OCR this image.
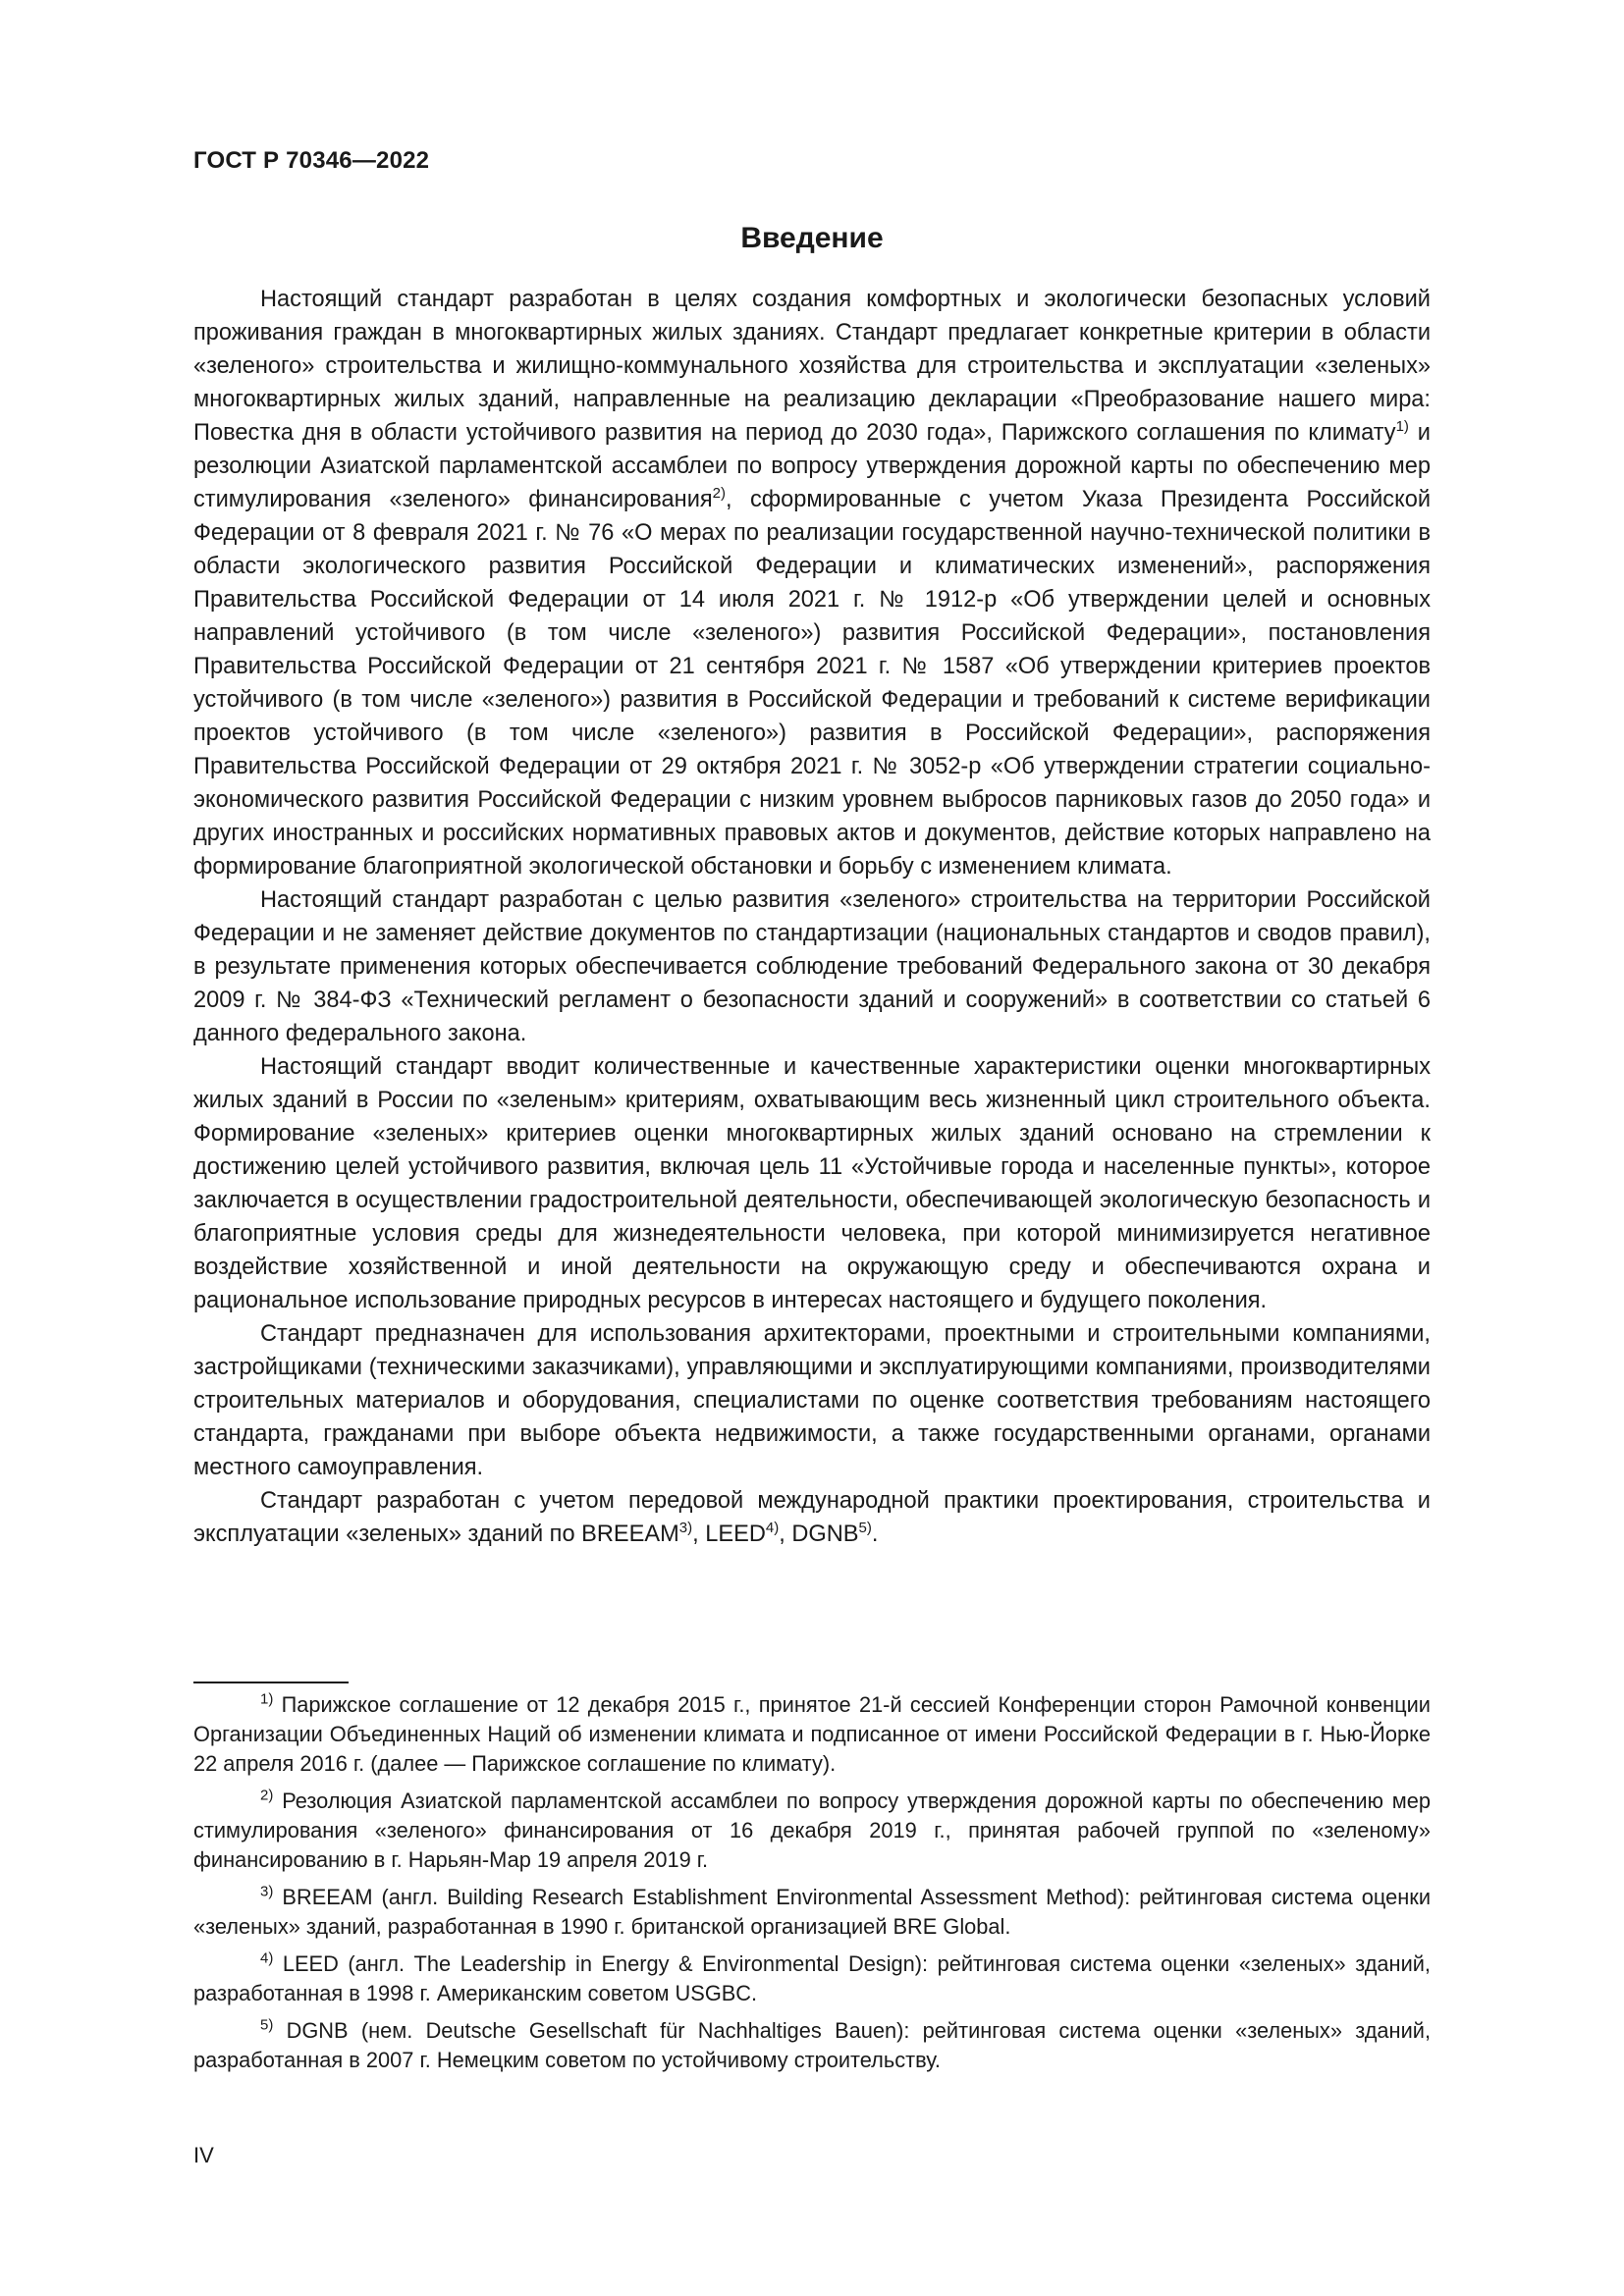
ГОСТ Р 70346—2022
Введение

Настоящий стандарт разработан в целях создания комфортных и экологически безопасных условий проживания граждан в многоквартирных жилых зданиях. Стандарт предлагает конкретные критерии в области «зеленого» строительства и жилищно-коммунального хозяйства для строительства и эксплуатации «зеленых» многоквартирных жилых зданий, направленные на реализацию декларации «Преобразование нашего мира: Повестка дня в области устойчивого развития на период до 2030 года», Парижского соглашения по климату$^{1)}$ и резолюции Азиатской парламентской ассамблеи по вопросу утверждения дорожной карты по обеспечению мер стимулирования «зеленого» финансирования$^{2)}$, сформированные с учетом Указа Президента Российской Федерации от 8 февраля 2021 г. № 76 «О мерах по реализации государственной научно-технической политики в области экологического развития Российской Федерации и климатических изменений», распоряжения Правительства Российской Федерации от 14 июля 2021 г. № 1912-р «Об утверждении целей и основных направлений устойчивого (в том числе «зеленого») развития Российской Федерации», постановления Правительства Российской Федерации от 21 сентября 2021 г. № 1587 «Об утверждении критериев проектов устойчивого (в том числе «зеленого») развития в Российской Федерации и требований к системе верификации проектов устойчивого (в том числе «зеленого») развития в Российской Федерации», распоряжения Правительства Российской Федерации от 29 октября 2021 г. № 3052-р «Об утверждении стратегии социально-экономического развития Российской Федерации с низким уровнем выбросов парниковых газов до 2050 года» и других иностранных и российских нормативных правовых актов и документов, действие которых направлено на формирование благоприятной экологической обстановки и борьбу с изменением климата.

Настоящий стандарт разработан с целью развития «зеленого» строительства на территории Российской Федерации и не заменяет действие документов по стандартизации (национальных стандартов и сводов правил), в результате применения которых обеспечивается соблюдение требований Федерального закона от 30 декабря 2009 г. № 384-ФЗ «Технический регламент о безопасности зданий и сооружений» в соответствии со статьей 6 данного федерального закона.

Настоящий стандарт вводит количественные и качественные характеристики оценки многоквартирных жилых зданий в России по «зеленым» критериям, охватывающим весь жизненный цикл строительного объекта. Формирование «зеленых» критериев оценки многоквартирных жилых зданий основано на стремлении к достижению целей устойчивого развития, включая цель 11 «Устойчивые города и населенные пункты», которое заключается в осуществлении градостроительной деятельности, обеспечивающей экологическую безопасность и благоприятные условия среды для жизнедеятельности человека, при которой минимизируется негативное воздействие хозяйственной и иной деятельности на окружающую среду и обеспечиваются охрана и рациональное использование природных ресурсов в интересах настоящего и будущего поколения.

Стандарт предназначен для использования архитекторами, проектными и строительными компаниями, застройщиками (техническими заказчиками), управляющими и эксплуатирующими компаниями, производителями строительных материалов и оборудования, специалистами по оценке соответствия требованиям настоящего стандарта, гражданами при выборе объекта недвижимости, а также государственными органами, органами местного самоуправления.

Стандарт разработан с учетом передовой международной практики проектирования, строительства и эксплуатации «зеленых» зданий по BREEAM$^{3)}$, LEED$^{4)}$, DGNB$^{5)}$.

$^{1)}$ Парижское соглашение от 12 декабря 2015 г., принятое 21-й сессией Конференции сторон Рамочной конвенции Организации Объединенных Наций об изменении климата и подписанное от имени Российской Федерации в г. Нью-Йорке 22 апреля 2016 г. (далее — Парижское соглашение по климату).

$^{2)}$ Резолюция Азиатской парламентской ассамблеи по вопросу утверждения дорожной карты по обеспечению мер стимулирования «зеленого» финансирования от 16 декабря 2019 г., принятая рабочей группой по «зеленому» финансированию в г. Нарьян-Мар 19 апреля 2019 г.

$^{3)}$ BREEAM (англ. Building Research Establishment Environmental Assessment Method): рейтинговая система оценки «зеленых» зданий, разработанная в 1990 г. британской организацией BRE Global.

$^{4)}$ LEED (англ. The Leadership in Energy & Environmental Design): рейтинговая система оценки «зеленых» зданий, разработанная в 1998 г. Американским советом USGBC.

$^{5)}$ DGNB (нем. Deutsche Gesellschaft für Nachhaltiges Bauen): рейтинговая система оценки «зеленых» зданий, разработанная в 2007 г. Немецким советом по устойчивому строительству.

IV
